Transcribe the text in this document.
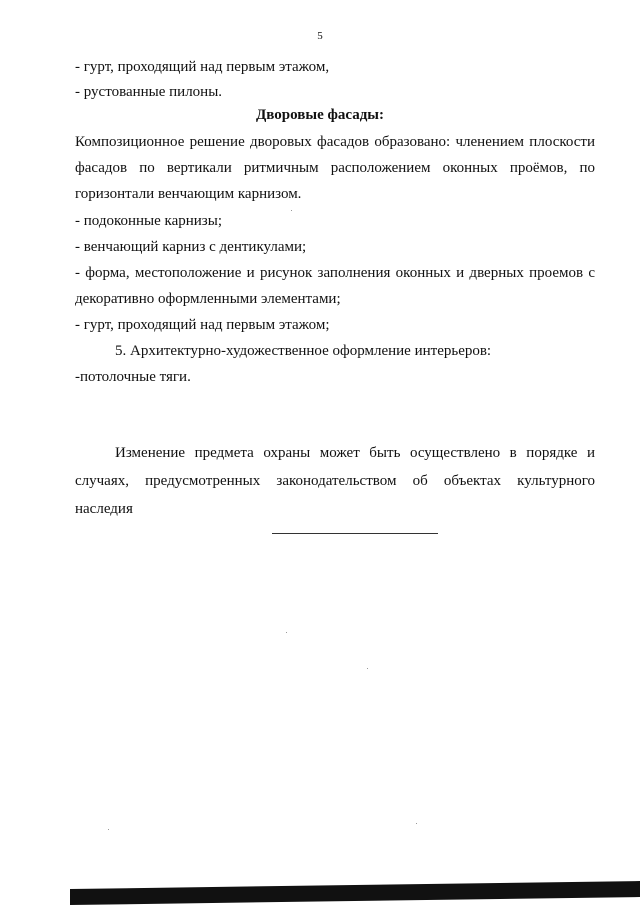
5
- гурт, проходящий над первым этажом,
- рустованные пилоны.
Дворовые фасады:
Композиционное решение дворовых фасадов образовано: членением плоскости
фасадов по вертикали ритмичным расположением оконных проёмов, по
горизонтали венчающим карнизом.
- подоконные карнизы;
- венчающий карниз с дентикулами;
- форма, местоположение и рисунок заполнения оконных и дверных проемов с
декоративно оформленными элементами;
- гурт, проходящий над первым этажом;
5. Архитектурно-художественное оформление интерьеров:
-потолочные тяги.
Изменение предмета охраны может быть осуществлено в порядке и
случаях, предусмотренных законодательством об объектах культурного
наследия
